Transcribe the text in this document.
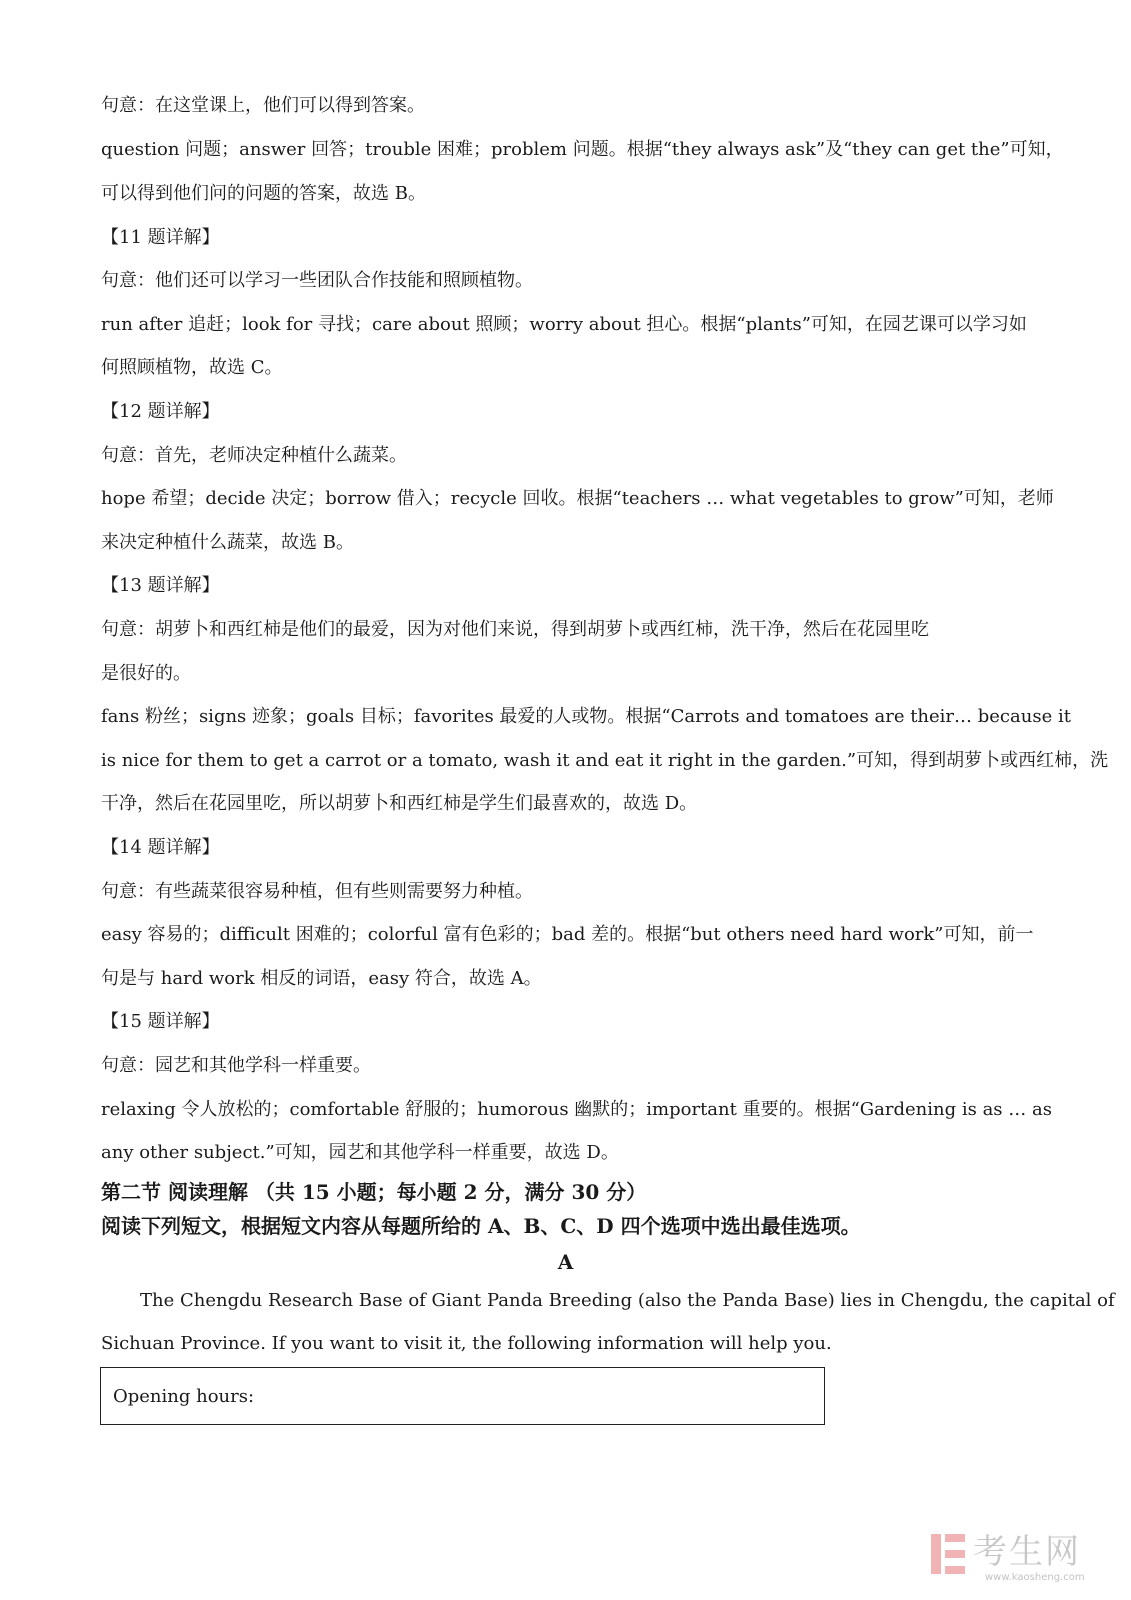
句意：在这堂课上，他们可以得到答案。
question 问题；answer 回答；trouble 困难；problem 问题。根据“they always ask”及“they can get the”可知，
可以得到他们问的问题的答案，故选 B。
【11 题详解】
句意：他们还可以学习一些团队合作技能和照顾植物。
run after 追赶；look for 寻找；care about 照顾；worry about 担心。根据“plants”可知，在园艺课可以学习如
何照顾植物，故选 C。
【12 题详解】
句意：首先，老师决定种植什么蔬菜。
hope 希望；decide 决定；borrow 借入；recycle 回收。根据“teachers … what vegetables to grow”可知，老师
来决定种植什么蔬菜，故选 B。
【13 题详解】
句意：胡萝卜和西红柿是他们的最爱，因为对他们来说，得到胡萝卜或西红柿，洗干净，然后在花园里吃
是很好的。
fans 粉丝；signs 迹象；goals 目标；favorites 最爱的人或物。根据“Carrots and tomatoes are their… because it
is nice for them to get a carrot or a tomato, wash it and eat it right in the garden.”可知，得到胡萝卜或西红柿，洗
干净，然后在花园里吃，所以胡萝卜和西红柿是学生们最喜欢的，故选 D。
【14 题详解】
句意：有些蔬菜很容易种植，但有些则需要努力种植。
easy 容易的；difficult 困难的；colorful 富有色彩的；bad 差的。根据“but others need hard work”可知，前一
句是与 hard work 相反的词语，easy 符合，故选 A。
【15 题详解】
句意：园艺和其他学科一样重要。
relaxing 令人放松的；comfortable 舒服的；humorous 幽默的；important 重要的。根据“Gardening is as … as
any other subject.”可知，园艺和其他学科一样重要，故选 D。
第二节 阅读理解 （共 15 小题；每小题 2 分，满分 30 分）
阅读下列短文，根据短文内容从每题所给的 A、B、C、D 四个选项中选出最佳选项。
A
The Chengdu Research Base of Giant Panda Breeding (also the Panda Base) lies in Chengdu, the capital of
Sichuan Province. If you want to visit it, the following information will help you.
Opening hours:
考生网
www.kaosheng.com
